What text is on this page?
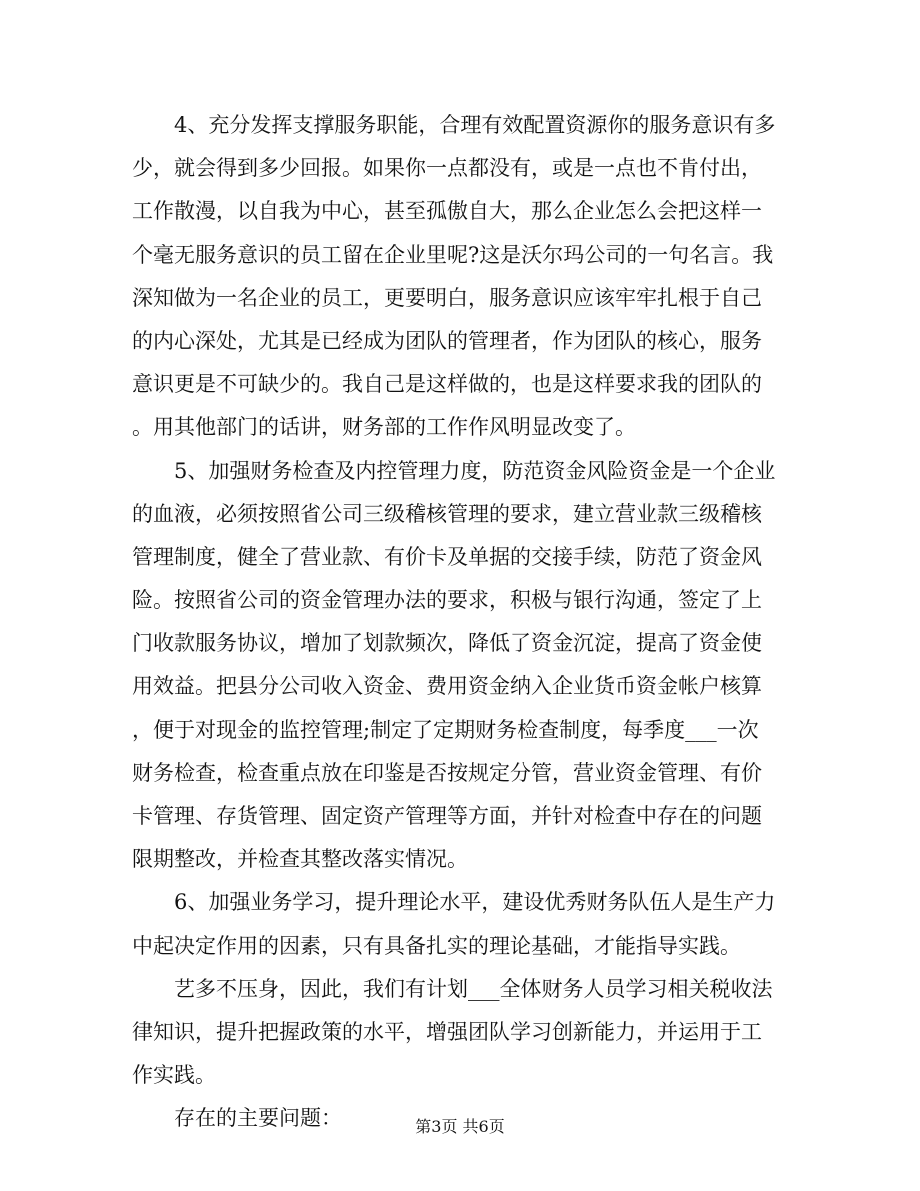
　　4、充分发挥支撑服务职能，合理有效配置资源你的服务意识有多
少，就会得到多少回报。如果你一点都没有，或是一点也不肯付出，
工作散漫，以自我为中心，甚至孤傲自大，那么企业怎么会把这样一
个毫无服务意识的员工留在企业里呢?这是沃尔玛公司的一句名言。我
深知做为一名企业的员工，更要明白，服务意识应该牢牢扎根于自己
的内心深处，尤其是已经成为团队的管理者，作为团队的核心，服务
意识更是不可缺少的。我自己是这样做的，也是这样要求我的团队的
。用其他部门的话讲，财务部的工作作风明显改变了。
　　5、加强财务检查及内控管理力度，防范资金风险资金是一个企业
的血液，必须按照省公司三级稽核管理的要求，建立营业款三级稽核
管理制度，健全了营业款、有价卡及单据的交接手续，防范了资金风
险。按照省公司的资金管理办法的要求，积极与银行沟通，签定了上
门收款服务协议，增加了划款频次，降低了资金沉淀，提高了资金使
用效益。把县分公司收入资金、费用资金纳入企业货币资金帐户核算
，便于对现金的监控管理;制定了定期财务检查制度，每季度___一次
财务检查，检查重点放在印鉴是否按规定分管，营业资金管理、有价
卡管理、存货管理、固定资产管理等方面，并针对检查中存在的问题
限期整改，并检查其整改落实情况。
　　6、加强业务学习，提升理论水平，建设优秀财务队伍人是生产力
中起决定作用的因素，只有具备扎实的理论基础，才能指导实践。
　　艺多不压身，因此，我们有计划___全体财务人员学习相关税收法
律知识，提升把握政策的水平，增强团队学习创新能力，并运用于工
作实践。
　　存在的主要问题：	第3页 共6页
